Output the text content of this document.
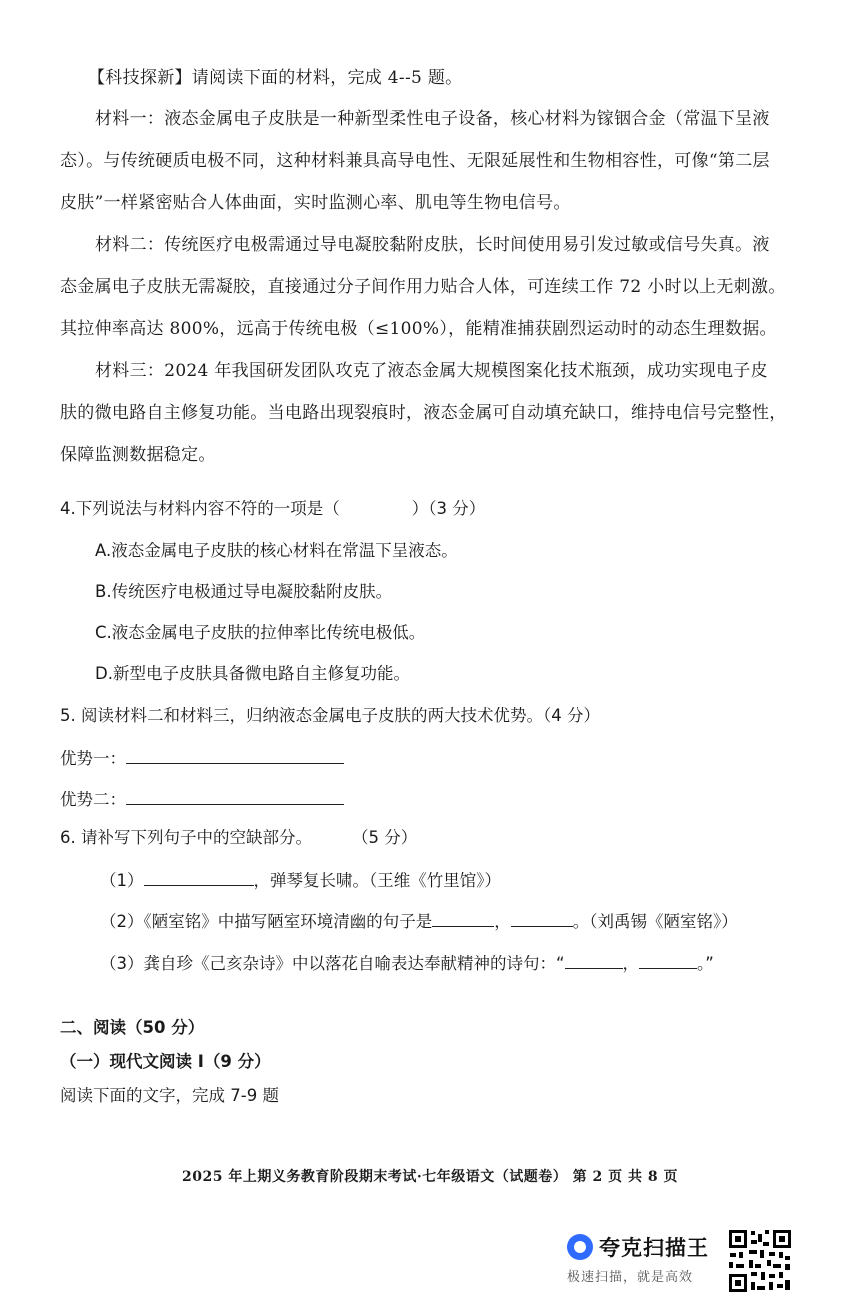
【科技探新】请阅读下面的材料，完成 4--5 题。
材料一：液态金属电子皮肤是一种新型柔性电子设备，核心材料为镓铟合金（常温下呈液
态）。与传统硬质电极不同，这种材料兼具高导电性、无限延展性和生物相容性，可像“第二层
皮肤”一样紧密贴合人体曲面，实时监测心率、肌电等生物电信号。
材料二：传统医疗电极需通过导电凝胶黏附皮肤，长时间使用易引发过敏或信号失真。液
态金属电子皮肤无需凝胶，直接通过分子间作用力贴合人体，可连续工作 72 小时以上无刺激。
其拉伸率高达 800%，远高于传统电极（≤100%），能精准捕获剧烈运动时的动态生理数据。
材料三：2024 年我国研发团队攻克了液态金属大规模图案化技术瓶颈，成功实现电子皮
肤的微电路自主修复功能。当电路出现裂痕时，液态金属可自动填充缺口，维持电信号完整性，
保障监测数据稳定。
4.下列说法与材料内容不符的一项是（	）（3 分）
A.液态金属电子皮肤的核心材料在常温下呈液态。
B.传统医疗电极通过导电凝胶黏附皮肤。
C.液态金属电子皮肤的拉伸率比传统电极低。
D.新型电子皮肤具备微电路自主修复功能。
5. 阅读材料二和材料三，归纳液态金属电子皮肤的两大技术优势。（4 分）
优势一：
优势二：
6. 请补写下列句子中的空缺部分。 （5 分）
（1）	，弹琴复长啸。（王维《竹里馆》）
（2）《陋室铭》中描写陋室环境清幽的句子是	，	。（刘禹锡《陋室铭》）
（3）龚自珍《己亥杂诗》中以落花自喻表达奉献精神的诗句：“	，	。”
二、阅读（50 分）
（一）现代文阅读 I（9 分）
阅读下面的文字，完成 7-9 题
2025 年上期义务教育阶段期末考试·七年级语文（试题卷） 第 2 页 共 8 页
夸克扫描王
极速扫描，就是高效
